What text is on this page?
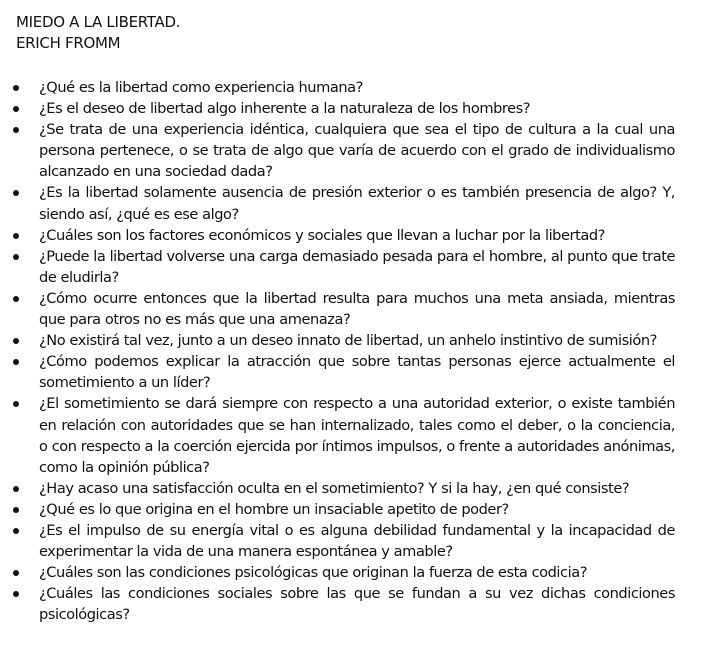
MIEDO A LA LIBERTAD.
ERICH FROMM
¿Qué es la libertad como experiencia humana?
¿Es el deseo de libertad algo inherente a la naturaleza de los hombres?
¿Se trata de una experiencia idéntica, cualquiera que sea el tipo de cultura a la cual una persona pertenece, o se trata de algo que varía de acuerdo con el grado de individualismo alcanzado en una sociedad dada?
¿Es la libertad solamente ausencia de presión exterior o es también presencia de algo? Y, siendo así, ¿qué es ese algo?
¿Cuáles son los factores económicos y sociales que llevan a luchar por la libertad?
¿Puede la libertad volverse una carga demasiado pesada para el hombre, al punto que trate de eludirla?
¿Cómo ocurre entonces que la libertad resulta para muchos una meta ansiada, mientras que para otros no es más que una amenaza?
¿No existirá tal vez, junto a un deseo innato de libertad, un anhelo instintivo de sumisión?
¿Cómo podemos explicar la atracción que sobre tantas personas ejerce actualmente el sometimiento a un líder?
¿El sometimiento se dará siempre con respecto a una autoridad exterior, o existe también en relación con autoridades que se han internalizado, tales como el deber, o la conciencia, o con respecto a la coerción ejercida por íntimos impulsos, o frente a autoridades anónimas, como la opinión pública?
¿Hay acaso una satisfacción oculta en el sometimiento? Y si la hay, ¿en qué consiste?
¿Qué es lo que origina en el hombre un insaciable apetito de poder?
¿Es el impulso de su energía vital o es alguna debilidad fundamental y la incapacidad de experimentar la vida de una manera espontánea y amable?
¿Cuáles son las condiciones psicológicas que originan la fuerza de esta codicia?
¿Cuáles las condiciones sociales sobre las que se fundan a su vez dichas condiciones psicológicas?
